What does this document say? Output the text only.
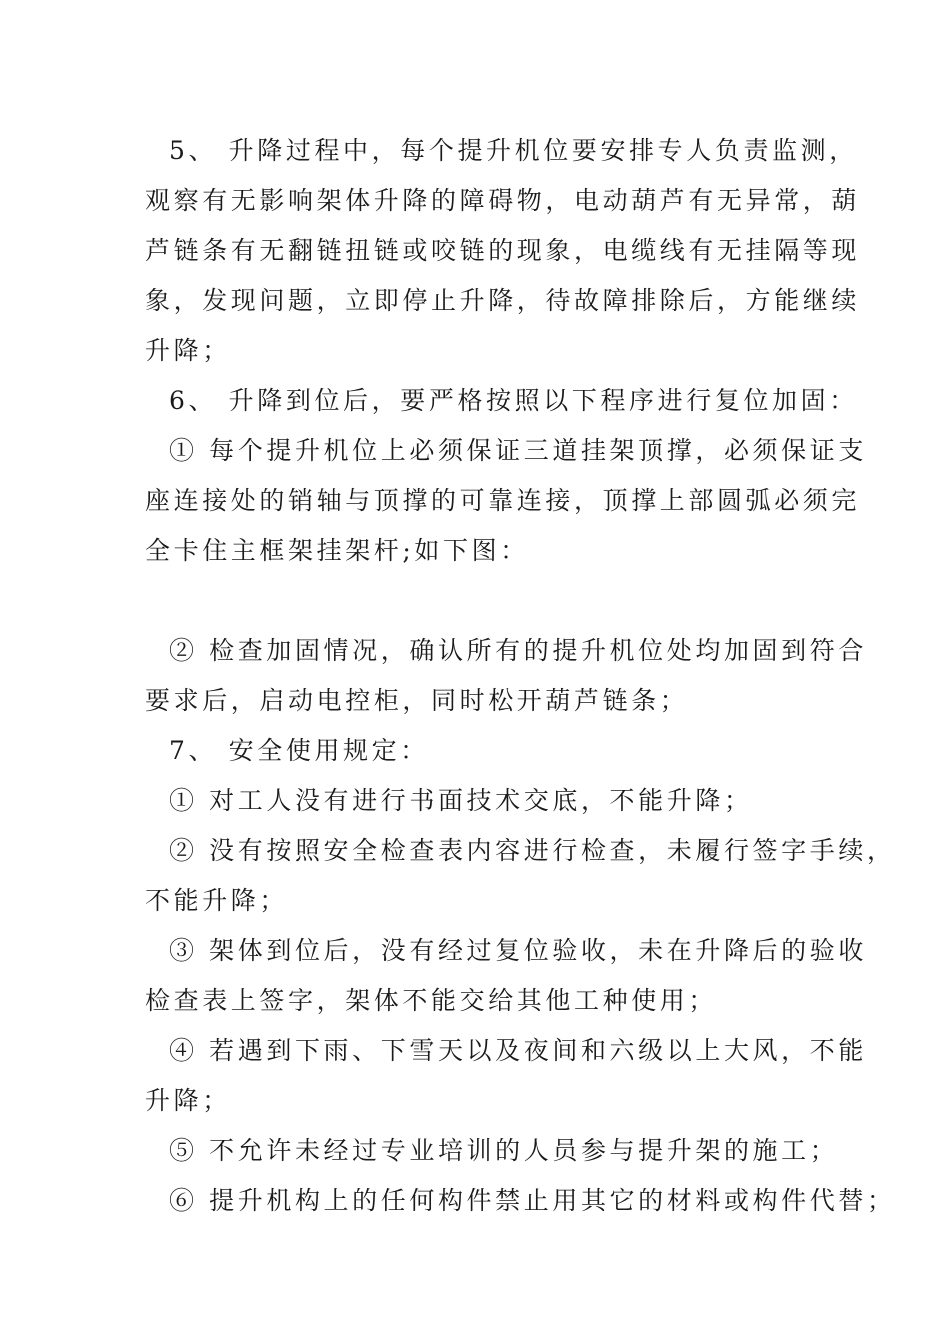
5、 升降过程中，每个提升机位要安排专人负责监测，
观察有无影响架体升降的障碍物，电动葫芦有无异常，葫
芦链条有无翻链扭链或咬链的现象，电缆线有无挂隔等现
象，发现问题，立即停止升降，待故障排除后，方能继续
升降；
6、 升降到位后，要严格按照以下程序进行复位加固：
① 每个提升机位上必须保证三道挂架顶撑，必须保证支
座连接处的销轴与顶撑的可靠连接，顶撑上部圆弧必须完
全卡住主框架挂架杆;如下图：
② 检查加固情况，确认所有的提升机位处均加固到符合
要求后，启动电控柜，同时松开葫芦链条；
7、 安全使用规定：
① 对工人没有进行书面技术交底，不能升降；
② 没有按照安全检查表内容进行检查，未履行签字手续，
不能升降；
③ 架体到位后，没有经过复位验收，未在升降后的验收
检查表上签字，架体不能交给其他工种使用；
④ 若遇到下雨、下雪天以及夜间和六级以上大风，不能
升降；
⑤ 不允许未经过专业培训的人员参与提升架的施工；
⑥ 提升机构上的任何构件禁止用其它的材料或构件代替；
